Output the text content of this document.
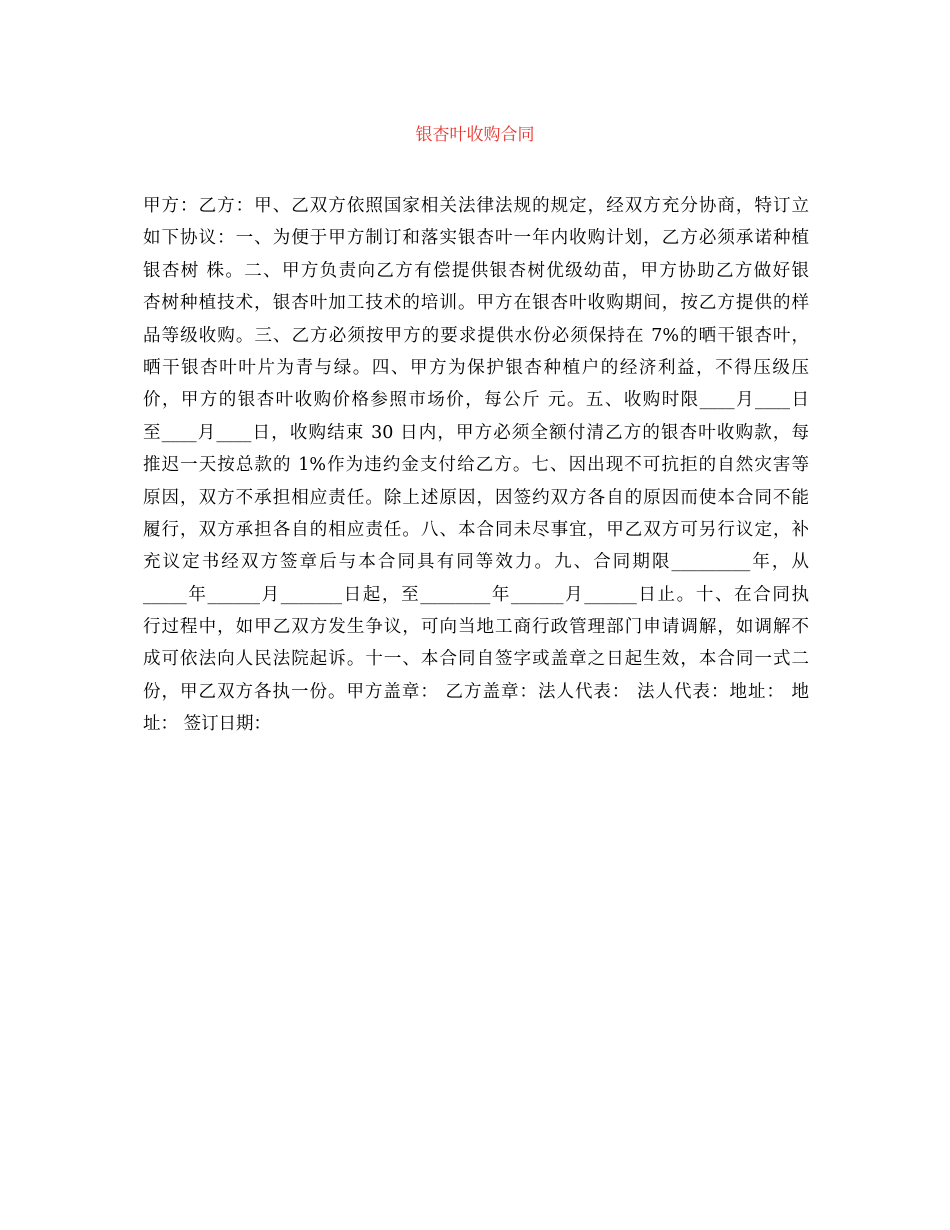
银杏叶收购合同
甲方：乙方：甲、乙双方依照国家相关法律法规的规定，经双方充分协商，特订立
如下协议：一、为便于甲方制订和落实银杏叶一年内收购计划，乙方必须承诺种植
银杏树 株。二、甲方负责向乙方有偿提供银杏树优级幼苗，甲方协助乙方做好银
杏树种植技术，银杏叶加工技术的培训。甲方在银杏叶收购期间，按乙方提供的样
品等级收购。三、乙方必须按甲方的要求提供水份必须保持在 7%的晒干银杏叶，
晒干银杏叶叶片为青与绿。四、甲方为保护银杏种植户的经济利益，不得压级压
价，甲方的银杏叶收购价格参照市场价，每公斤 元。五、收购时限____月____日
至____月____日，收购结束 30 日内，甲方必须全额付清乙方的银杏叶收购款，每
推迟一天按总款的 1%作为违约金支付给乙方。七、因出现不可抗拒的自然灾害等
原因，双方不承担相应责任。除上述原因，因签约双方各自的原因而使本合同不能
履行，双方承担各自的相应责任。八、本合同未尽事宜，甲乙双方可另行议定，补
充议定书经双方签章后与本合同具有同等效力。九、合同期限_________年，从
_____年______月_______日起，至________年______月______日止。十、在合同执
行过程中，如甲乙双方发生争议，可向当地工商行政管理部门申请调解，如调解不
成可依法向人民法院起诉。十一、本合同自签字或盖章之日起生效，本合同一式二
份，甲乙双方各执一份。甲方盖章： 乙方盖章：法人代表： 法人代表：地址： 地
址： 签订日期：
